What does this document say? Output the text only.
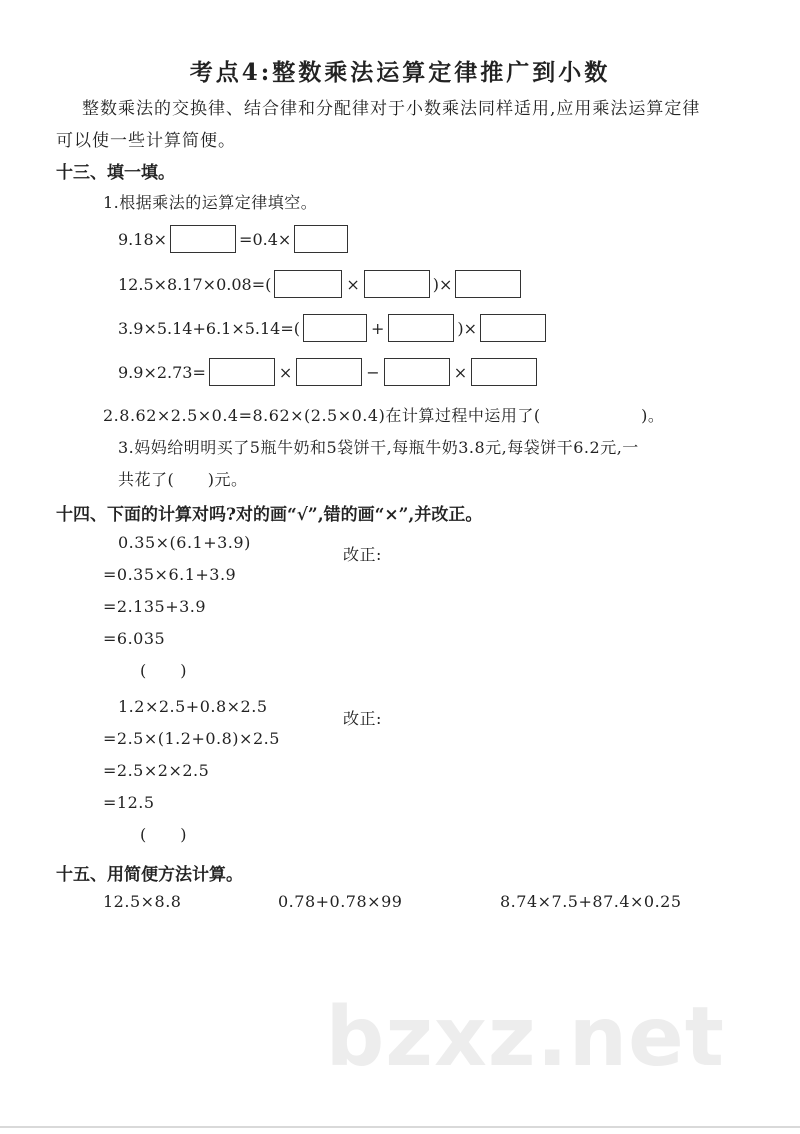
考点4:整数乘法运算定律推广到小数
整数乘法的交换律、结合律和分配律对于小数乘法同样适用,应用乘法运算定律
可以使一些计算简便。
十三、填一填。
1.根据乘法的运算定律填空。
9.18×	=0.4×
12.5×8.17×0.08=(	×	)×
3.9×5.14+6.1×5.14=(	+	)×
9.9×2.73=	×	−	×
2.8.62×2.5×0.4=8.62×(2.5×0.4)在计算过程中运用了(                  )。
3.妈妈给明明买了5瓶牛奶和5袋饼干,每瓶牛奶3.8元,每袋饼干6.2元,一
共花了(      )元。
十四、下面的计算对吗?对的画“√”,错的画“×”,并改正。
0.35×(6.1+3.9)
=0.35×6.1+3.9
=2.135+3.9
=6.035
(      )
改正:
1.2×2.5+0.8×2.5
=2.5×(1.2+0.8)×2.5
=2.5×2×2.5
=12.5
(      )
改正:
十五、用简便方法计算。
12.5×8.8	0.78+0.78×99	8.74×7.5+87.4×0.25
bzxz.net
